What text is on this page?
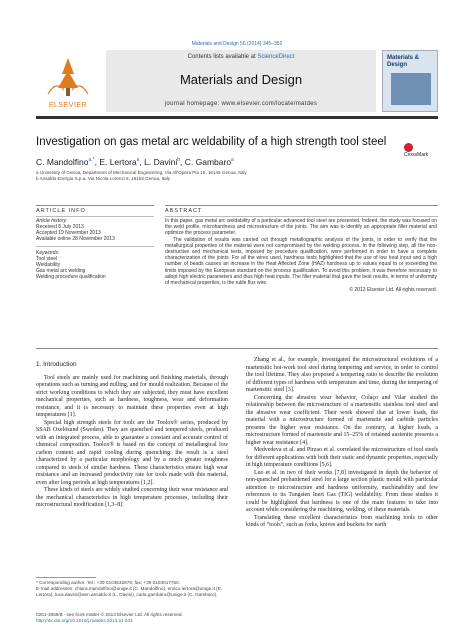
Materials and Design 56 (2014) 345–352
ELSEVIER
Contents lists available at ScienceDirect
Materials and Design
journal homepage: www.elsevier.com/locate/matdes
Materials & Design
Investigation on gas metal arc weldability of a high strength tool steel
CrossMark
C. Mandolfino$^{a,*}$, E. Lertora$^a$, L. Davini$^b$, C. Gambaro$^a$
a University of Genoa, Department of Mechanical Engineering, Via All'Opera Pia 15, 16145 Genoa, Italy
b Ansaldo Energia S.p.a, Via Nicola Lorenzi 8, 16152 Genoa, Italy
ARTICLE INFO	ABSTRACT
Article history:
Received 8 July 2013
Accepted 19 November 2013
Available online 28 November 2013
Keywords:
Tool steel
Weldability
Gas metal arc welding
Welding procedure qualification
In this paper, gas metal arc weldability of a particular advanced tool steel are presented. Indeed, the study was focused on the weld profile, microhardness and microstructure of the joints. The aim was to identify an appropriate filler material and optimize the process parameter.
The validation of results was carried out through metallographic analysis of the joints, in order to verify that the metallurgical properties of the material were not compromised by the welding process. In the following step, all the non-destructive and mechanical tests, imposed by procedure qualification, were performed in order to have a complete characterization of the joints. For all the wires used, hardness tests highlighted that the use of low heat input and a high number of beads causes an increase in the Heat Affected Zone (HAZ) hardness up to values equal to or exceeding the limits imposed by the European standard on the process qualification. To avoid this problem, it was therefore necessary to adopt high electric parameters and thus high heat inputs. The filler material that gave the best results, in terms of uniformity of mechanical properties, is the rutile flux wire.
© 2013 Elsevier Ltd. All rights reserved.
1. Introduction

Tool steels are mainly used for machining and finishing materials, through operations such as turning and milling, and for mould realization. Because of the strict working conditions to which they are subjected, they must have excellent mechanical properties, such as hardness, toughness, wear and deformation resistance, and it is necessary to maintain these properties even at high temperatures [1].

Special high strength steels for tools are the Toolox® series, produced by SSAB Oxelösund (Sweden). They are quenched and tempered steels, produced with an integrated process, able to guarantee a constant and accurate control of chemical composition. Toolox® is based on the concept of metallurgical low carbon content and rapid cooling during quenching: the result is a steel characterized by a particular morphology and by a much greater toughness compared to steels of similar hardness. These characteristics ensure high wear resistance and an increased productivity rate for tools made with this material, even after long periods at high temperatures [1,2].

These kinds of steels are widely studied concerning their wear resistance and the mechanical characteristics in high temperature processes, including their microstructural modification [1,3–8].

Zhang et al., for example, investigated the microstructural evolutions of a martensitic hot-work tool steel during tempering and service, in order to control the tool lifetime. They also proposed a tempering ratio to describe the evolution of different types of hardness with temperature and time, during the tempering of martensitic steel [3].

Concerning the abrasive wear behavior, Colaço and Vilar studied the relationship between the microstructure of a martensitic stainless tool steel and the abrasive wear coefficient. Their work showed that at lower loads, the material with a microstructure formed of martensite and carbide particles presents the higher wear resistance. On the contrary, at higher loads, a microstructure formed of martensite and 15–25% of retained austenite presents a higher wear resistance [4].

Medvedeva et al. and Pirzao et al. correlated the microstructure of tool steels for different applications with both their static and dynamic properties, especially in high temperature conditions [5,6].

Luo et al. in two of their works [7,8] investigated in depth the behavior of non-quenched prehardened steel for a large section plastic mould with particular attention to microstructure and hardness uniformity, machinability and few references to its Tungsten Inert Gas (TIG) weldability. From these studies it could be highlighted that hardness is one of the main features to take into account while considering the machining, welding, of these materials.

Translating these excellent characteristics from machining tools to other kinds of “tools”, such as forks, knives and buckets for earth

* Corresponding author. Tel.: +39 0103532879; fax: +39 0103017750.
E-mail addresses: chiara.mandolfino@unige.it (C. Mandolfino), enrico.lertora@unige.it (E. Lertora), luca.davini@aen.ansaldo.it (L. Davini), carla.gambaro@unige.it (C. Gambaro).
0261-3069/$ - see front matter © 2013 Elsevier Ltd. All rights reserved.
http://dx.doi.org/10.1016/j.matdes.2013.11.042
